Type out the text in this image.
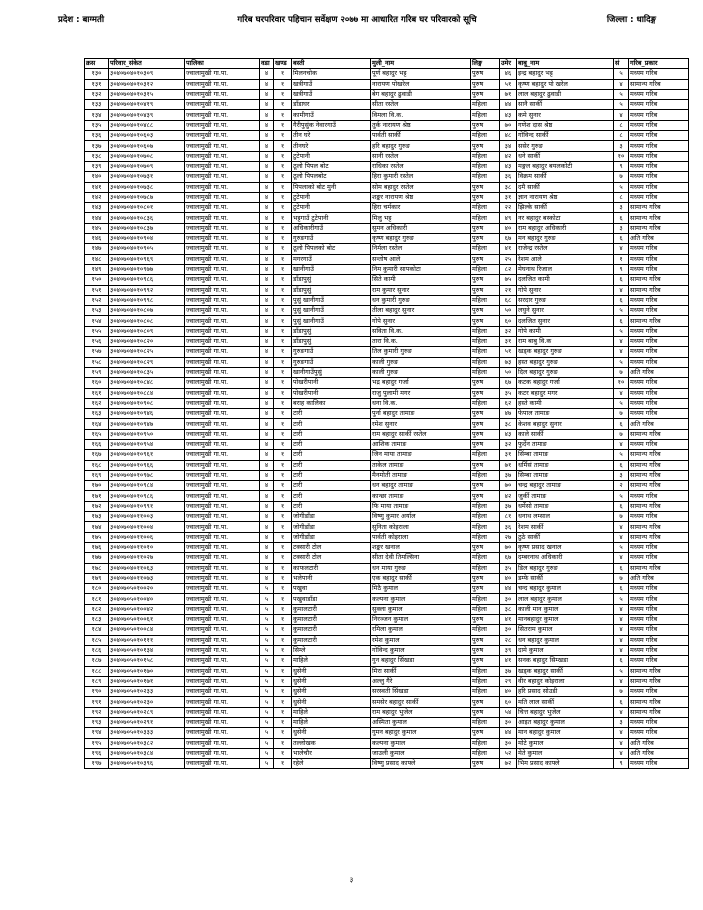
प्रदेश : बाग्मती	गरिब घरपरिवार पहिचान सर्वेक्षण २०७७ मा आधारित गरिब घर परिवारको सूचि	जिल्ला : धादिङ्ग
क्रस	परिवार_संकेत	पालिका	वडा	खण्ड	बस्ती	मुली_नाम	लिङ्ग	उमेर	बाबु_नाम	सं	गरिब_प्रकार
१३०	३०४०७०४०१०३०९	ज्वालामुखी गा.पा.	४	१	मिलनचोक	पूर्ण बहादुर भट्ट	पुरुष	४६	इन्द्र बहादुर भट्ट	५	मध्यम गरिब
१३१	३०४०७०४०१०३१२	ज्वालामुखी गा.पा.	४	१	खत्रीगाउँ	नारायण पोखरेल	पुरुष	५१	कृष्ण बहादुर पो खरेल	४	सामान्य गरिब
१३२	३०४०७०४०१०३१५	ज्वालामुखी गा.पा.	४	१	खत्रीगाउँ	बेग बहादुर ढुवाडी	पुरुष	७१	लाल बहादुर ढुवाडी	५	मध्यम गरिब
१३३	३०४०७०४०१०४१९	ज्वालामुखी गा.पा.	४	१	डाँडाघर	सीता रस्तेल	महिला	४४	सानै सार्की	५	मध्यम गरिब
१३४	३०४०७०४०१०४३९	ज्वालामुखी गा.पा.	४	१	कामीगाउँ	विमला वि.क.	महिला	४३	कमे सुनार	४	मध्यम गरिब
१३५	३०४०७०४०१०४८८	ज्वालामुखी गा.पा.	४	१	गैरीपुसुंक नेवारगाउँ	तुर्क नारायण श्रेष्ठ	पुरुष	७०	गणेश दास श्रेष्ठ	८	मध्यम गरिब
१३६	३०४०७०४०१०६०३	ज्वालामुखी गा.पा.	४	१	तीन घरे	पार्वती सार्की	महिला	४८	गोविन्द सार्की	८	मध्यम गरिब
१३७	३०४०७०४०१०६०७	ज्वालामुखी गा.पा.	४	१	तीनघरे	हरि बहादुर गुरुङ	पुरुष	३४	ससेर गुरुङ	३	मध्यम गरिब
१३८	३०४०७०४०१०७०८	ज्वालामुखी गा.पा.	४	१	टुटेपानी	सानी रस्तेल	महिला	४२	धने सार्की	१०	मध्यम गरिब
१३९	३०४०७०४०१०७०९	ज्वालामुखी गा.पा.	४	१	ठूलो पिपल बोट	राधिका रस्तेल	महिला	४३	मङ्गल बहादुर बयलकोटी	९	मध्यम गरिब
१४०	३०४०७०४०१०७३१	ज्वालामुखी गा.पा.	४	१	ठूलो पिपलबोट	हिरा कुमारी रस्तेल	महिला	३६	विक्रम सार्की	७	मध्यम गरिब
१४१	३०४०७०४०१०७३८	ज्वालामुखी गा.पा.	४	१	पिपलाको बोट मुनी	सोम बहादुर रस्तेल	पुरुष	३८	दमै सार्की	५	मध्यम गरिब
१४२	३०४०७०४०१०७८७	ज्वालामुखी गा.पा.	४	१	टुटेपानी	शङ्कर नारायण श्रेष्ठ	पुरुष	३१	ज्ञान नारायण श्रेष्ठ	८	मध्यम गरिब
१४३	३०४०७०४०१०८०१	ज्वालामुखी गा.पा.	४	१	टुटेपानी	हिरा चर्मकार	महिला	२२	झिल्के सार्की	३	सामान्य गरिब
१४४	३०४०७०४०१०८३६	ज्वालामुखी गा.पा.	४	१	भट्टगाउँ टुटेपानी	मिलु भट्ट	महिला	४९	नर बहादुर बस्कोटा	६	सामान्य गरिब
१४५	३०४०७०४०१०८३७	ज्वालामुखी गा.पा.	४	१	अधिकारीगाउँ	सुमन अधिकारी	पुरुष	४०	राम बहादुर अधिकारी	३	सामान्य गरिब
१४६	३०४०७०४०१०९०४	ज्वालामुखी गा.पा.	४	१	गुरुङगाउँ	कृष्ण बहादुर गुरुङ	पुरुष	६७	मन बहादुर गुरुङ	६	अति गरिब
१४७	३०४०७०४०१०९०५	ज्वालामुखी गा.पा.	४	१	ठूलो पिपलको बोट	निर्मला रस्तेल	महिला	४१	राजेन्द्र रस्तेल	४	मध्यम गरिब
१४८	३०४०७०४०१०९६९	ज्वालामुखी गा.पा.	४	१	मगरगाउँ	सन्तोष आले	पुरुष	२५	रेशम आले	१	मध्यम गरिब
१४९	३०४०७०४०१०९७७	ज्वालामुखी गा.पा.	४	१	खानीगाउँ	निम कुमारी सापकोटा	महिला	८२	मेघनाथ रिजाल	९	मध्यम गरिब
१५०	३०४०७०४०१०९८६	ज्वालामुखी गा.पा.	४	१	डाँडापुसुं	सिते कामी	पुरुष	७५	दलजित कामी	६	सामान्य गरिब
१५१	३०४०७०४०१०९९२	ज्वालामुखी गा.पा.	४	१	डाँडापुसुं	राम कुमार सुनार	पुरुष	२१	गोपे सुनार	४	सामान्य गरिब
१५२	३०४०७०४०१०९९८	ज्वालामुखी गा.पा.	४	१	पुसुं खानीगाउँ	धन कुमारी गुरुङ	महिला	६८	सरदार गुरुङ	६	मध्यम गरिब
१५३	३०४०७०४०१०८०७	ज्वालामुखी गा.पा.	४	१	पुसुं खानीगाउँ	तीला बहादुर सुनार	पुरुष	५०	लघुने सुनार	५	मध्यम गरिब
१५४	३०४०७०४०१०८०८	ज्वालामुखी गा.पा.	४	१	पुसुं खानीगाउँ	गोपे सुनार	पुरुष	६०	दलजित सुनार	६	सामान्य गरिब
१५५	३०४०७०४०१०८०९	ज्वालामुखी गा.पा.	४	१	डाँडापुसुं	सविता वि.क.	महिला	३२	गोपे कामी	५	मध्यम गरिब
१५६	३०४०७०४०१०८२०	ज्वालामुखी गा.पा.	४	१	डाँडापुसुं	तारा वि.क.	महिला	३१	राम बाबु वि.क	४	मध्यम गरिब
१५७	३०४०७०४०१०८२५	ज्वालामुखी गा.पा.	४	१	गुरुङगाउँ	तिल कुमारी गुरुङ	महिला	५१	खड्क बहादुर गुरुङ	४	मध्यम गरिब
१५८	३०४०७०४०१०८२९	ज्वालामुखी गा.पा.	४	१	गुरुङगाउँ	काली गुरुङ	महिला	७३	हस्त बहादुर गुरुङ	५	मध्यम गरिब
१५९	३०४०७०४०१०८३५	ज्वालामुखी गा.पा.	४	१	खानीगाउँपुसुं	काली गुरुङ	महिला	५०	दिल बहादुर गुरुङ	७	अति गरिब
१६०	३०४०७०४०१०८४८	ज्वालामुखी गा.पा.	४	१	पोखरीपानी	भद्र बहादुर गर्जा	पुरुष	६७	कटक बहादुर गर्जा	१०	मध्यम गरिब
१६१	३०४०७०४०१०८८४	ज्वालामुखी गा.पा.	४	१	पोखरीपानी	राजु पुलामी मगर	पुरुष	३५	कटर बहादुर मगर	४	मध्यम गरिब
१६२	३०४०७०४०१०९०८	ज्वालामुखी गा.पा.	४	१	बराह कालिका	धना वि.क.	महिला	६२	हस्ते कामी	५	मध्यम गरिब
१६३	३०४०७०४०१०९४६	ज्वालामुखी गा.पा.	४	१	टारी	पुर्ना बहादुर तामाङ	पुरुष	४७	फेपाल तामाङ	७	मध्यम गरिब
१६४	३०४०७०४०१०९४७	ज्वालामुखी गा.पा.	४	१	टारी	रमेश सुनार	पुरुष	३८	केशव बहादुर सुनार	६	अति गरिब
१६५	३०४०७०४०१०९५०	ज्वालामुखी गा.पा.	४	१	टारी	राम बहादुर सार्की रस्तेल	पुरुष	४३	काले सार्की	७	सामान्य गरिब
१६६	३०४०७०४०१०९५४	ज्वालामुखी गा.पा.	४	१	टारी	आशिक तामाङ	पुरुष	३२	फुर्देन तामाङ	४	मध्यम गरिब
१६७	३०४०७०४०१०९६१	ज्वालामुखी गा.पा.	४	१	टारी	जिन माया तामाङ	महिला	३१	सिंम्बा तामाङ	५	सामान्य गरिब
१६८	३०४०७०४०१०९६६	ज्वालामुखी गा.पा.	४	१	टारी	ताकेल तामाङ	पुरुष	७१	धर्मिसं तामाङ	६	सामान्य गरिब
१६९	३०४०७०४०१०९७८	ज्वालामुखी गा.पा.	४	१	टारी	मैनमोती तामाङ	महिला	३७	सिम्बा तामाङ	३	सामान्य गरिब
१७०	३०४०७०४०१०९८४	ज्वालामुखी गा.पा.	४	१	टारी	धन बहादुर तामाङ	पुरुष	७०	चन्द्र बहादुर तामाङ	२	सामान्य गरिब
१७१	३०४०७०४०१०९८६	ज्वालामुखी गा.पा.	४	१	टारी	कान्छा तामाङ	पुरुष	४२	जुर्की तामाङ	५	मध्यम गरिब
१७२	३०४०७०४०१०९९१	ज्वालामुखी गा.पा.	४	१	टारी	फि माया तामाङ	महिला	३७	धर्मेसो तामाङ	६	सामान्य गरिब
१७३	३०४०७०४०११००३	ज्वालामुखी गा.पा.	४	१	जोगीडाँडा	विष्णु कुमार अर्याल	महिला	८१	धनाथ लम्साल	७	मध्यम गरिब
१७४	३०४०७०४०११००४	ज्वालामुखी गा.पा.	४	१	जोगीडाँडा	सुनिता कोइराला	महिला	३६	रेशम सार्की	४	सामान्य गरिब
१७५	३०४०७०४०११००६	ज्वालामुखी गा.पा.	४	१	जोगीडाँडा	पार्वती कोइराला	महिला	२७	ठुठे सार्की	४	सामान्य गरिब
१७६	३०४०७०४०११०१०	ज्वालामुखी गा.पा.	४	१	टक्सारी टोल	शङ्कर खनाल	पुरुष	७०	कृष्ण प्रसाद खनाल	५	मध्यम गरिब
१७७	३०४०७०४०११०२७	ज्वालामुखी गा.पा.	४	१	टक्सारी टोल	सीता देवी तिमल्सिना	महिला	६७	दम्बरनाथ अधिकारी	४	मध्यम गरिब
१७८	३०४०७०४०११०६३	ज्वालामुखी गा.पा.	४	१	काफलटारी	धन माया गुरुङ	महिला	३५	डिल बहादुर गुरुङ	६	सामान्य गरिब
१७९	३०४०७०४०११०७३	ज्वालामुखी गा.पा.	४	१	भलेपानी	एक बहादुर सार्की	पुरुष	४०	डम्फे सार्की	७	अति गरिब
१८०	३०४०७०५०१००२०	ज्वालामुखी गा.पा.	५	१	पखुवा	मिठै कुमाल	पुरुष	४४	चन्द बहादुर कुमाल	६	मध्यम गरिब
१८१	३०४०७०५०१००४०	ज्वालामुखी गा.पा.	५	१	पखुवाडाँडा	कल्पना कुमाल	महिला	३०	लाल बहादुर कुमाल	५	मध्यम गरिब
१८२	३०४०७०५०१००४२	ज्वालामुखी गा.पा.	५	१	कुमालटारी	सुक्ला कुमाल	महिला	३८	काली मान कुमाल	४	मध्यम गरिब
१८३	३०४०७०५०१००६१	ज्वालामुखी गा.पा.	५	१	कुमालटारी	निरञ्जन कुमाल	पुरुष	४१	मानबहादुर कुमाल	४	मध्यम गरिब
१८४	३०४०७०५०१००८४	ज्वालामुखी गा.पा.	५	१	कुमालटारी	रमिला कुमाल	महिला	३०	सितराम कुमाल	४	मध्यम गरिब
१८५	३०४०७०५०१०१११	ज्वालामुखी गा.पा.	५	१	कुमालटारी	रमेश कुमाल	पुरुष	२८	धन बहादुर कुमाल	४	मध्यम गरिब
१८६	३०४०७०५०१०१३४	ज्वालामुखी गा.पा.	५	१	सिम्ले	गोविन्द कुमाल	पुरुष	३९	दामे कुमाल	४	मध्यम गरिब
१८७	३०४०७०५०१०१५८	ज्वालामुखी गा.पा.	५	१	माहिले	गुन बहादुर सिंखडा	पुरुष	४१	सनक बहादुर सिम्खडा	६	मध्यम गरिब
१८८	३०४०७०५०१०१७०	ज्वालामुखी गा.पा.	५	१	धुसेनी	मिरा सार्की	महिला	३७	खड्क बहादुर सार्की	५	सामान्य गरिब
१८९	३०४०७०५०१०१७१	ज्वालामुखी गा.पा.	५	१	धुसेनी	अल्लु गैरे	महिला	२९	वीर बहादुर कोइराला	४	सामान्य गरिब
१९०	३०४०७०५०१०२३३	ज्वालामुखी गा.पा.	५	१	धुसेनी	सरस्वती सिंखडा	महिला	४०	हरि प्रसाद सोउडी	७	मध्यम गरिब
१९१	३०४०७०५०१०२३०	ज्वालामुखी गा.पा.	५	१	धुसेनी	समसेर बहादुर सार्की	पुरुष	६०	मति लाल सार्की	६	सामान्य गरिब
१९२	३०४०७०५०१०२८९	ज्वालामुखी गा.पा.	५	१	माहिले	राम बहादुर भुजेल	पुरुष	५४	चित्त बहादुर भुजेल	४	सामान्य गरिब
१९३	३०४०७०५०१०२९१	ज्वालामुखी गा.पा.	५	१	माहिले	अस्मिता कुमाल	महिला	३०	आइत बहादुर कुमाल	३	मध्यम गरिब
१९४	३०४०७०५०१०३३३	ज्वालामुखी गा.पा.	५	१	धुसेनी	गुमन बहादुर कुमाल	पुरुष	४४	मान बहादुर कुमाल	४	मध्यम गरिब
१९५	३०४०७०५०१०३८२	ज्वालामुखी गा.पा.	५	१	तल्लोखक	कल्पना कुमाल	महिला	३०	मोटे कुमाल	४	अति गरिब
१९६	३०४०७०५०१०३८४	ज्वालामुखी गा.पा.	५	१	भालेचौर	जाउली कुमाल	महिला	५२	मेते कुमाल	४	अति गरिब
१९७	३०४०७०५०१०३९६	ज्वालामुखी गा.पा.	५	१	रहेले	विष्णु प्रसाद काफ्ले	पुरुष	७२	भिम प्रसाद काफ्ले	९	मध्यम गरिब
३
